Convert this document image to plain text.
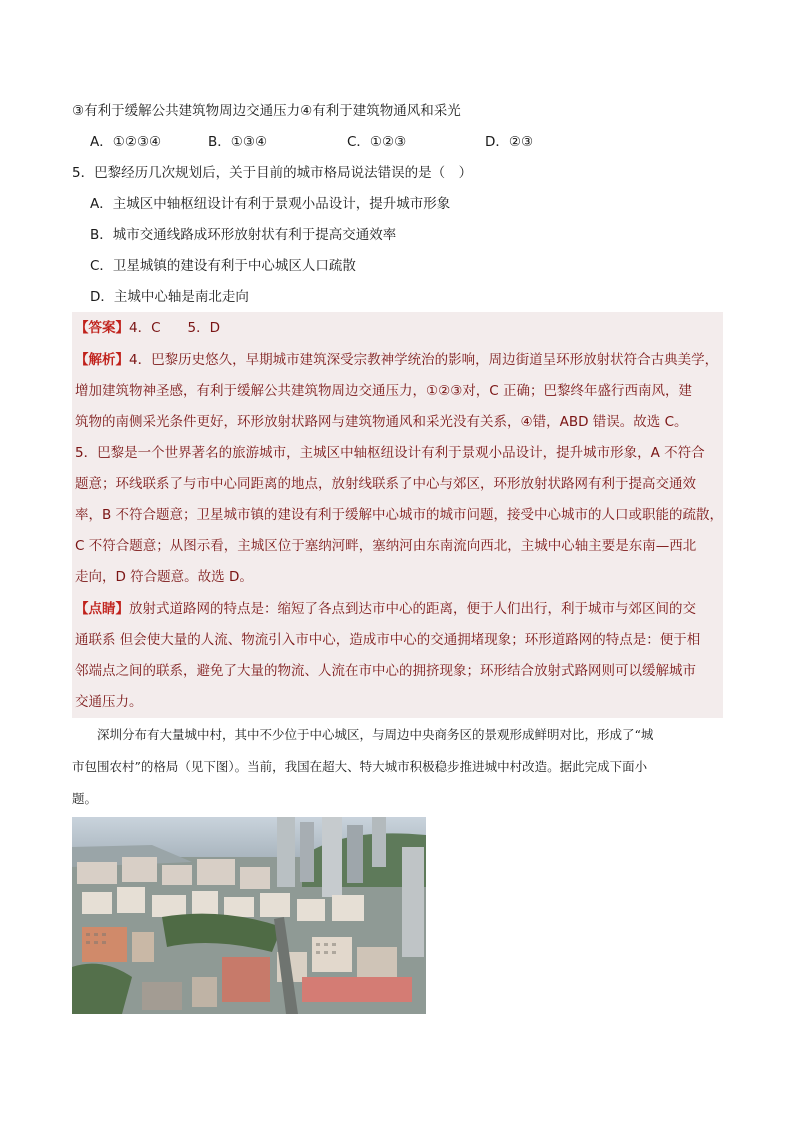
③有利于缓解公共建筑物周边交通压力④有利于建筑物通风和采光
A．①②③④	B．①③④	C．①②③	D．②③
5．巴黎经历几次规划后，关于目前的城市格局说法错误的是（　）
A．主城区中轴枢纽设计有利于景观小品设计，提升城市形象
B．城市交通线路成环形放射状有利于提高交通效率
C．卫星城镇的建设有利于中心城区人口疏散
D．主城中心轴是南北走向
【答案】4．C　　5．D
【解析】4．巴黎历史悠久，早期城市建筑深受宗教神学统治的影响，周边街道呈环形放射状符合古典美学，
增加建筑物神圣感，有利于缓解公共建筑物周边交通压力，①②③对，C 正确；巴黎终年盛行西南风，建
筑物的南侧采光条件更好，环形放射状路网与建筑物通风和采光没有关系，④错，ABD 错误。故选 C。
5．巴黎是一个世界著名的旅游城市，主城区中轴枢纽设计有利于景观小品设计，提升城市形象，A 不符合
题意；环线联系了与市中心同距离的地点，放射线联系了中心与郊区，环形放射状路网有利于提高交通效
率，B 不符合题意；卫星城市镇的建设有利于缓解中心城市的城市问题，接受中心城市的人口或职能的疏散，
C 不符合题意；从图示看，主城区位于塞纳河畔，塞纳河由东南流向西北，主城中心轴主要是东南—西北
走向，D 符合题意。故选 D。
【点睛】放射式道路网的特点是：缩短了各点到达市中心的距离，便于人们出行，利于城市与郊区间的交
通联系 但会使大量的人流、物流引入市中心，造成市中心的交通拥堵现象；环形道路网的特点是：便于相
邻端点之间的联系，避免了大量的物流、人流在市中心的拥挤现象；环形结合放射式路网则可以缓解城市
交通压力。
　　深圳分布有大量城中村，其中不少位于中心城区，与周边中央商务区的景观形成鲜明对比，形成了“城
市包围农村”的格局（见下图）。当前，我国在超大、特大城市积极稳步推进城中村改造。据此完成下面小
题。
